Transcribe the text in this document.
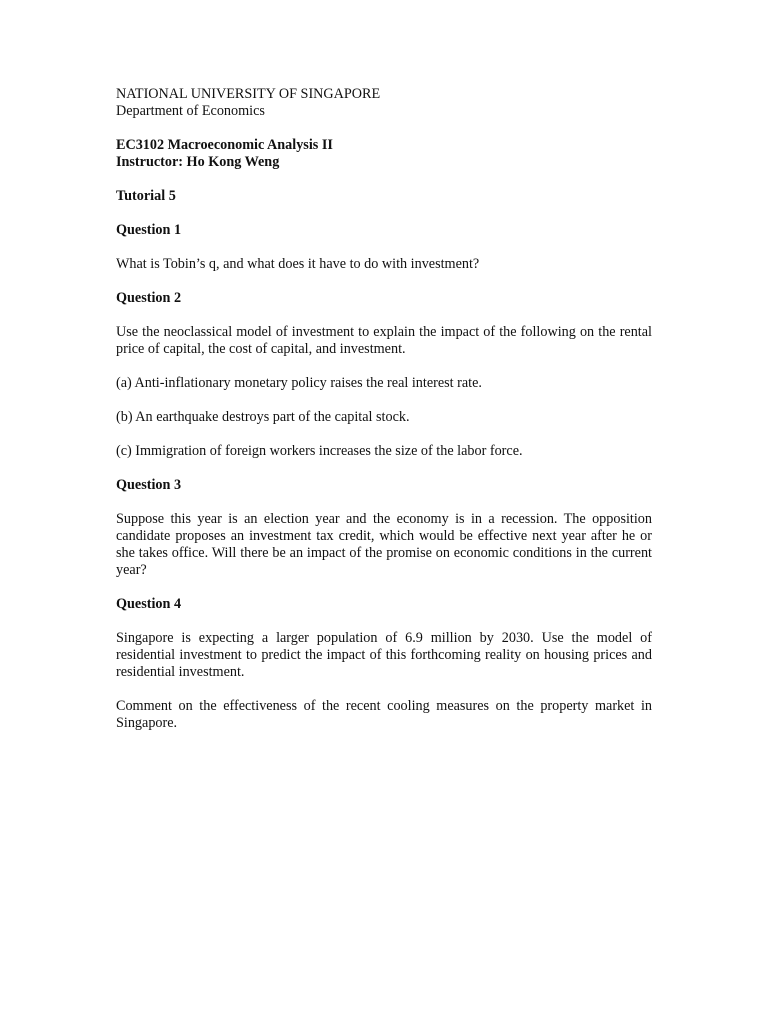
NATIONAL UNIVERSITY OF SINGAPORE

Department of Economics

EC3102 Macroeconomic Analysis II

Instructor: Ho Kong Weng

Tutorial 5

Question 1

What is Tobin’s q, and what does it have to do with investment?

Question 2

Use the neoclassical model of investment to explain the impact of the following on the rental price of capital, the cost of capital, and investment.

(a) Anti-inflationary monetary policy raises the real interest rate.

(b) An earthquake destroys part of the capital stock.

(c) Immigration of foreign workers increases the size of the labor force.

Question 3

Suppose this year is an election year and the economy is in a recession. The opposition candidate proposes an investment tax credit, which would be effective next year after he or she takes office. Will there be an impact of the promise on economic conditions in the current year?

Question 4

Singapore is expecting a larger population of 6.9 million by 2030. Use the model of residential investment to predict the impact of this forthcoming reality on housing prices and residential investment.

Comment on the effectiveness of the recent cooling measures on the property market in Singapore.
